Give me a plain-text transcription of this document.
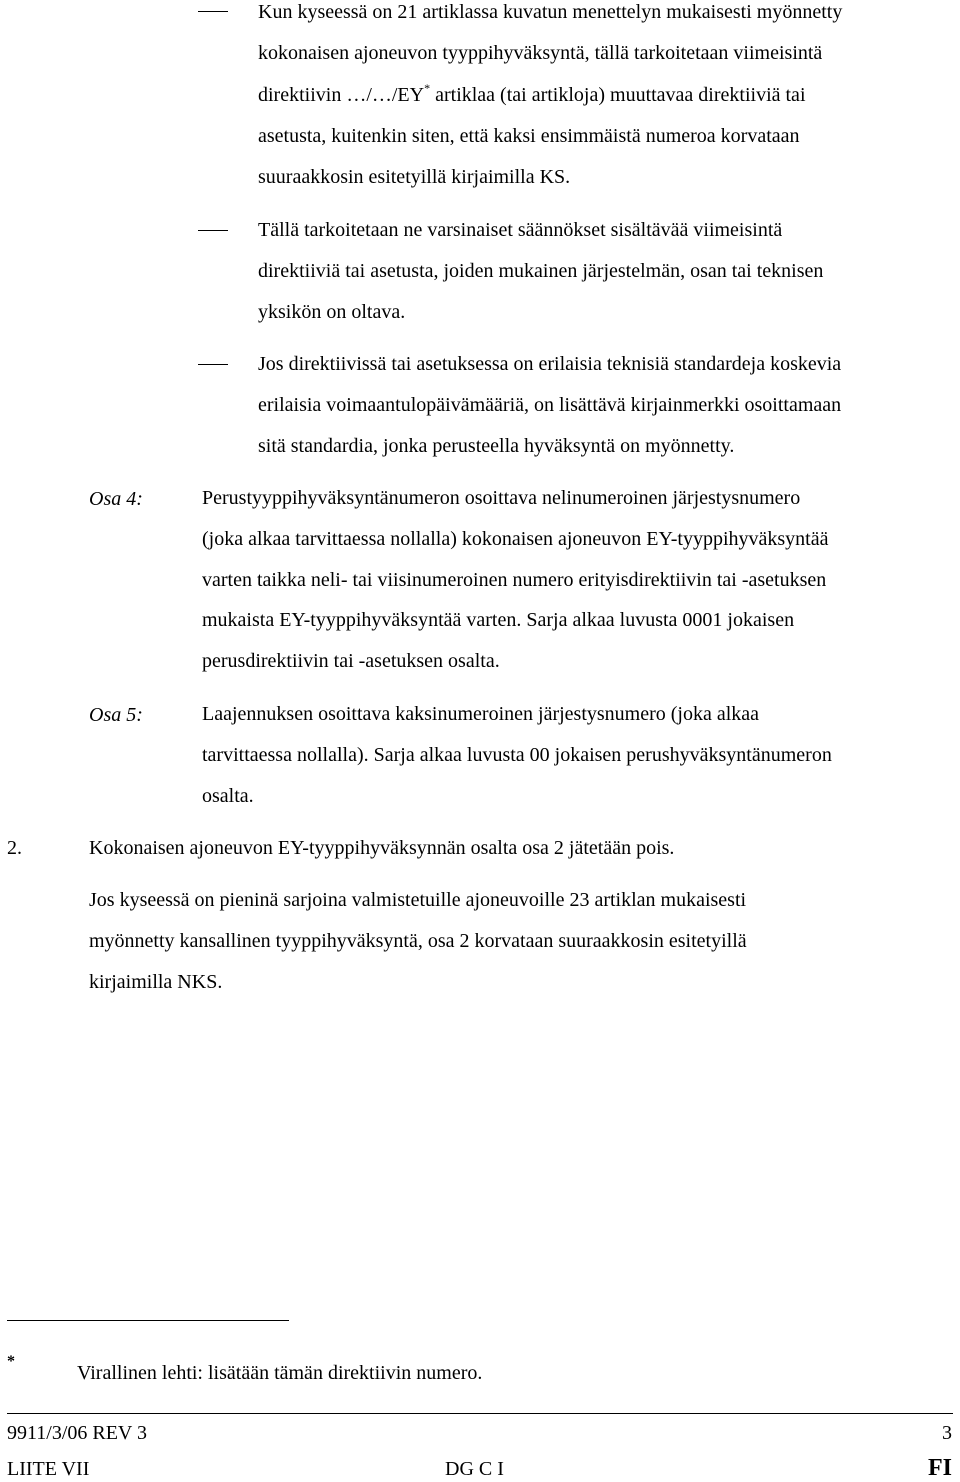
Kun kyseessä on 21 artiklassa kuvatun menettelyn mukaisesti myönnetty
kokonaisen ajoneuvon tyyppihyväksyntä, tällä tarkoitetaan viimeisintä
direktiivin …/…/EY* artiklaa (tai artikloja) muuttavaa direktiiviä tai
asetusta, kuitenkin siten, että kaksi ensimmäistä numeroa korvataan
suuraakkosin esitetyillä kirjaimilla KS.
Tällä tarkoitetaan ne varsinaiset säännökset sisältävää viimeisintä
direktiiviä tai asetusta, joiden mukainen järjestelmän, osan tai teknisen
yksikön on oltava.
Jos direktiivissä tai asetuksessa on erilaisia teknisiä standardeja koskevia
erilaisia voimaantulopäivämääriä, on lisättävä kirjainmerkki osoittamaan
sitä standardia, jonka perusteella hyväksyntä on myönnetty.
Osa 4:	Perustyyppihyväksyntänumeron osoittava nelinumeroinen järjestysnumero
(joka alkaa tarvittaessa nollalla) kokonaisen ajoneuvon EY-tyyppihyväksyntää
varten taikka neli- tai viisinumeroinen numero erityisdirektiivin tai -asetuksen
mukaista EY-tyyppihyväksyntää varten. Sarja alkaa luvusta 0001 jokaisen
perusdirektiivin tai -asetuksen osalta.
Osa 5:	Laajennuksen osoittava kaksinumeroinen järjestysnumero (joka alkaa
tarvittaessa nollalla). Sarja alkaa luvusta 00 jokaisen perushyväksyntänumeron
osalta.
2.	Kokonaisen ajoneuvon EY-tyyppihyväksynnän osalta osa 2 jätetään pois.
Jos kyseessä on pieninä sarjoina valmistetuille ajoneuvoille 23 artiklan mukaisesti
myönnetty kansallinen tyyppihyväksyntä, osa 2 korvataan suuraakkosin esitetyillä
kirjaimilla NKS.
*
Virallinen lehti: lisätään tämän direktiivin numero.
9911/3/06 REV 3	3
LIITE VII	DG C I	FI
